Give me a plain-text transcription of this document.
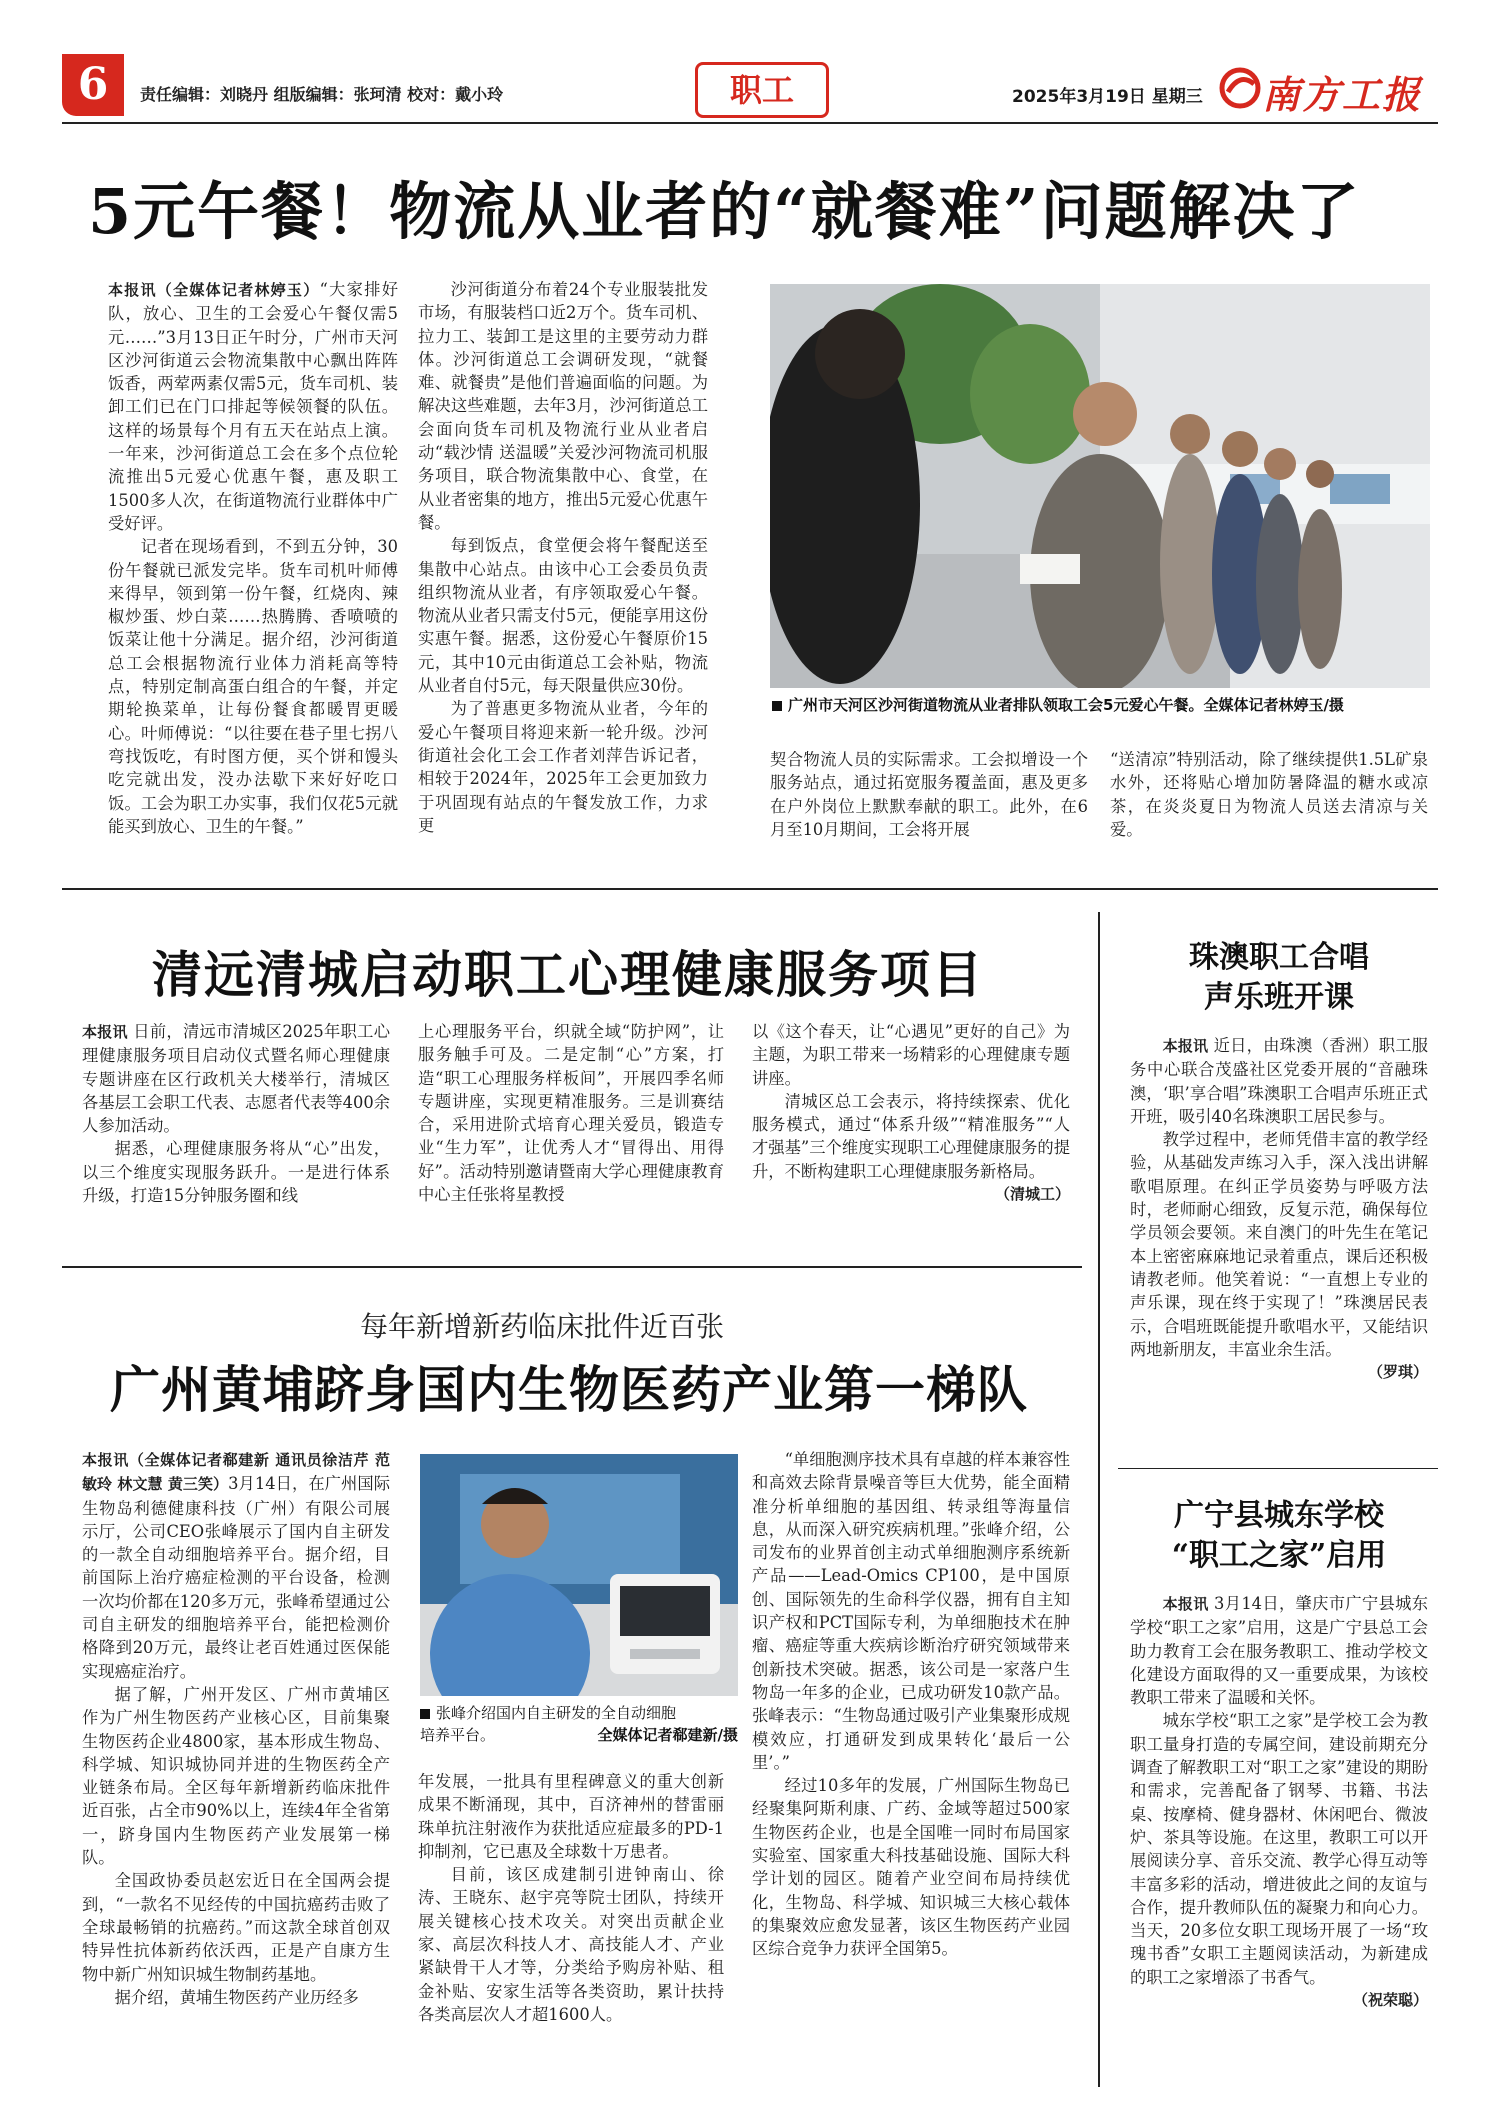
6	责任编辑：刘晓丹 组版编辑：张珂清 校对：戴小玲	职工	2025年3月19日 星期三 南方工报
5元午餐！物流从业者的“就餐难”问题解决了

本报讯（全媒体记者林婷玉）“大家排好队，放心、卫生的工会爱心午餐仅需5元……”3月13日正午时分，广州市天河区沙河街道云会物流集散中心飘出阵阵饭香，两荤两素仅需5元，货车司机、装卸工们已在门口排起等候领餐的队伍。这样的场景每个月有五天在站点上演。一年来，沙河街道总工会在多个点位轮流推出5元爱心优惠午餐，惠及职工1500多人次，在街道物流行业群体中广受好评。

记者在现场看到，不到五分钟，30份午餐就已派发完毕。货车司机叶师傅来得早，领到第一份午餐，红烧肉、辣椒炒蛋、炒白菜……热腾腾、香喷喷的饭菜让他十分满足。据介绍，沙河街道总工会根据物流行业体力消耗高等特点，特别定制高蛋白组合的午餐，并定期轮换菜单，让每份餐食都暖胃更暖心。叶师傅说：“以往要在巷子里七拐八弯找饭吃，有时图方便，买个饼和馒头吃完就出发，没办法歇下来好好吃口饭。工会为职工办实事，我们仅花5元就能买到放心、卫生的午餐。”

沙河街道分布着24个专业服装批发市场，有服装档口近2万个。货车司机、拉力工、装卸工是这里的主要劳动力群体。沙河街道总工会调研发现，“就餐难、就餐贵”是他们普遍面临的问题。为解决这些难题，去年3月，沙河街道总工会面向货车司机及物流行业从业者启动“载沙情 送温暖”关爱沙河物流司机服务项目，联合物流集散中心、食堂，在从业者密集的地方，推出5元爱心优惠午餐。

每到饭点，食堂便会将午餐配送至集散中心站点。由该中心工会委员负责组织物流从业者，有序领取爱心午餐。物流从业者只需支付5元，便能享用这份实惠午餐。据悉，这份爱心午餐原价15元，其中10元由街道总工会补贴，物流从业者自付5元，每天限量供应30份。

为了普惠更多物流从业者，今年的爱心午餐项目将迎来新一轮升级。沙河街道社会化工会工作者刘萍告诉记者，相较于2024年，2025年工会更加致力于巩固现有站点的午餐发放工作，力求更

广州市天河区沙河街道物流从业者排队领取工会5元爱心午餐。全媒体记者林婷玉/摄

契合物流人员的实际需求。工会拟增设一个服务站点，通过拓宽服务覆盖面，惠及更多在户外岗位上默默奉献的职工。此外，在6月至10月期间，工会将开展

“送清凉”特别活动，除了继续提供1.5L矿泉水外，还将贴心增加防暑降温的糖水或凉茶，在炎炎夏日为物流人员送去清凉与关爱。

清远清城启动职工心理健康服务项目

本报讯 日前，清远市清城区2025年职工心理健康服务项目启动仪式暨名师心理健康专题讲座在区行政机关大楼举行，清城区各基层工会职工代表、志愿者代表等400余人参加活动。

据悉，心理健康服务将从“心”出发，以三个维度实现服务跃升。一是进行体系升级，打造15分钟服务圈和线

上心理服务平台，织就全域“防护网”，让服务触手可及。二是定制“心”方案，打造“职工心理服务样板间”，开展四季名师专题讲座，实现更精准服务。三是训赛结合，采用进阶式培育心理关爱员，锻造专业“生力军”，让优秀人才“冒得出、用得好”。活动特别邀请暨南大学心理健康教育中心主任张将星教授

以《这个春天，让“心遇见”更好的自己》为主题，为职工带来一场精彩的心理健康专题讲座。

清城区总工会表示，将持续探索、优化服务模式，通过“体系升级”“精准服务”“人才强基”三个维度实现职工心理健康服务的提升，不断构建职工心理健康服务新格局。

（清城工）
每年新增新药临床批件近百张
广州黄埔跻身国内生物医药产业第一梯队

本报讯（全媒体记者郗建新 通讯员徐洁芹 范敏玲 林文慧 黄三笑）3月14日，在广州国际生物岛利德健康科技（广州）有限公司展示厅，公司CEO张峰展示了国内自主研发的一款全自动细胞培养平台。据介绍，目前国际上治疗癌症检测的平台设备，检测一次均价都在120多万元，张峰希望通过公司自主研发的细胞培养平台，能把检测价格降到20万元，最终让老百姓通过医保能实现癌症治疗。

据了解，广州开发区、广州市黄埔区作为广州生物医药产业核心区，目前集聚生物医药企业4800家，基本形成生物岛、科学城、知识城协同并进的生物医药全产业链条布局。全区每年新增新药临床批件近百张，占全市90%以上，连续4年全省第一，跻身国内生物医药产业发展第一梯队。

全国政协委员赵宏近日在全国两会提到，“一款名不见经传的中国抗癌药击败了全球最畅销的抗癌药。”而这款全球首创双特异性抗体新药依沃西，正是产自康方生物中新广州知识城生物制药基地。

据介绍，黄埔生物医药产业历经多

张峰介绍国内自主研发的全自动细胞
培养平台。	全媒体记者郗建新/摄

年发展，一批具有里程碑意义的重大创新成果不断涌现，其中，百济神州的替雷丽珠单抗注射液作为获批适应症最多的PD-1抑制剂，它已惠及全球数十万患者。

目前，该区成建制引进钟南山、徐涛、王晓东、赵宇亮等院士团队，持续开展关键核心技术攻关。对突出贡献企业家、高层次科技人才、高技能人才、产业紧缺骨干人才等，分类给予购房补贴、租金补贴、安家生活等各类资助，累计扶持各类高层次人才超1600人。

“单细胞测序技术具有卓越的样本兼容性和高效去除背景噪音等巨大优势，能全面精准分析单细胞的基因组、转录组等海量信息，从而深入研究疾病机理。”张峰介绍，公司发布的业界首创主动式单细胞测序系统新产品——Lead-Omics CP100，是中国原创、国际领先的生命科学仪器，拥有自主知识产权和PCT国际专利，为单细胞技术在肿瘤、癌症等重大疾病诊断治疗研究领域带来创新技术突破。据悉，该公司是一家落户生物岛一年多的企业，已成功研发10款产品。张峰表示：“生物岛通过吸引产业集聚形成规模效应，打通研发到成果转化‘最后一公里’。”

经过10多年的发展，广州国际生物岛已经聚集阿斯利康、广药、金域等超过500家生物医药企业，也是全国唯一同时布局国家实验室、国家重大科技基础设施、国际大科学计划的园区。随着产业空间布局持续优化，生物岛、科学城、知识城三大核心载体的集聚效应愈发显著，该区生物医药产业园区综合竞争力获评全国第5。

珠澳职工合唱
声乐班开课

本报讯 近日，由珠澳（香洲）职工服务中心联合茂盛社区党委开展的“音融珠澳，‘职’享合唱”珠澳职工合唱声乐班正式开班，吸引40名珠澳职工居民参与。

教学过程中，老师凭借丰富的教学经验，从基础发声练习入手，深入浅出讲解歌唱原理。在纠正学员姿势与呼吸方法时，老师耐心细致，反复示范，确保每位学员领会要领。来自澳门的叶先生在笔记本上密密麻麻地记录着重点，课后还积极请教老师。他笑着说：“一直想上专业的声乐课，现在终于实现了！”珠澳居民表示，合唱班既能提升歌唱水平，又能结识两地新朋友，丰富业余生活。

（罗琪）
广宁县城东学校
“职工之家”启用

本报讯 3月14日，肇庆市广宁县城东学校“职工之家”启用，这是广宁县总工会助力教育工会在服务教职工、推动学校文化建设方面取得的又一重要成果，为该校教职工带来了温暖和关怀。

城东学校“职工之家”是学校工会为教职工量身打造的专属空间，建设前期充分调查了解教职工对“职工之家”建设的期盼和需求，完善配备了钢琴、书籍、书法桌、按摩椅、健身器材、休闲吧台、微波炉、茶具等设施。在这里，教职工可以开展阅读分享、音乐交流、教学心得互动等丰富多彩的活动，增进彼此之间的友谊与合作，提升教师队伍的凝聚力和向心力。当天，20多位女职工现场开展了一场“玫瑰书香”女职工主题阅读活动，为新建成的职工之家增添了书香气。

（祝荣聪）
